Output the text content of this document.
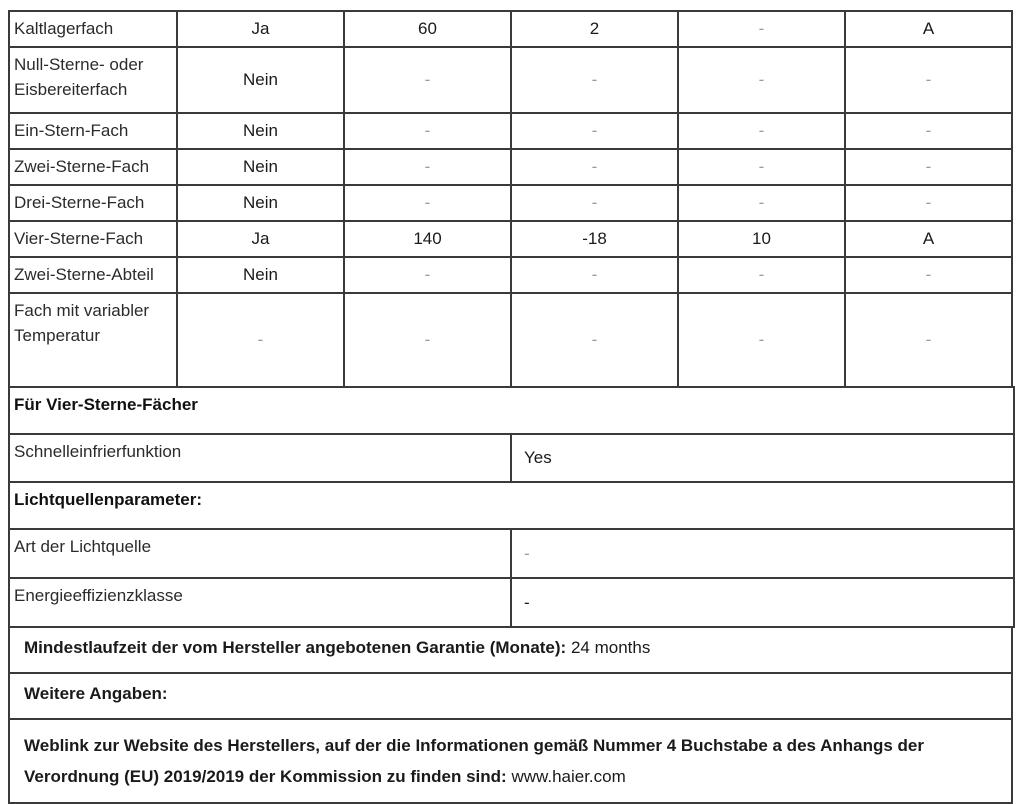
Kaltlagerfach	Ja	60	2	-	A
Null-Sterne- oder Eisbereiterfach	Nein	-	-	-	-
Ein-Stern-Fach	Nein	-	-	-	-
Zwei-Sterne-Fach	Nein	-	-	-	-
Drei-Sterne-Fach	Nein	-	-	-	-
Vier-Sterne-Fach	Ja	140	-18	10	A
Zwei-Sterne-Abteil	Nein	-	-	-	-
Fach mit variabler Temperatur	-	-	-	-	-
Für Vier-Sterne-Fächer	
Schnelleinfrierfunktion	Yes
Lichtquellenparameter:	
Art der Lichtquelle	-
Energieeffizienzklasse	-
Mindestlaufzeit der vom Hersteller angebotenen Garantie (Monate): 24 months
Weitere Angaben:
Weblink zur Website des Herstellers, auf der die Informationen gemäß Nummer 4 Buchstabe a des Anhangs der Verordnung (EU) 2019/2019 der Kommission zu finden sind: www.haier.com
